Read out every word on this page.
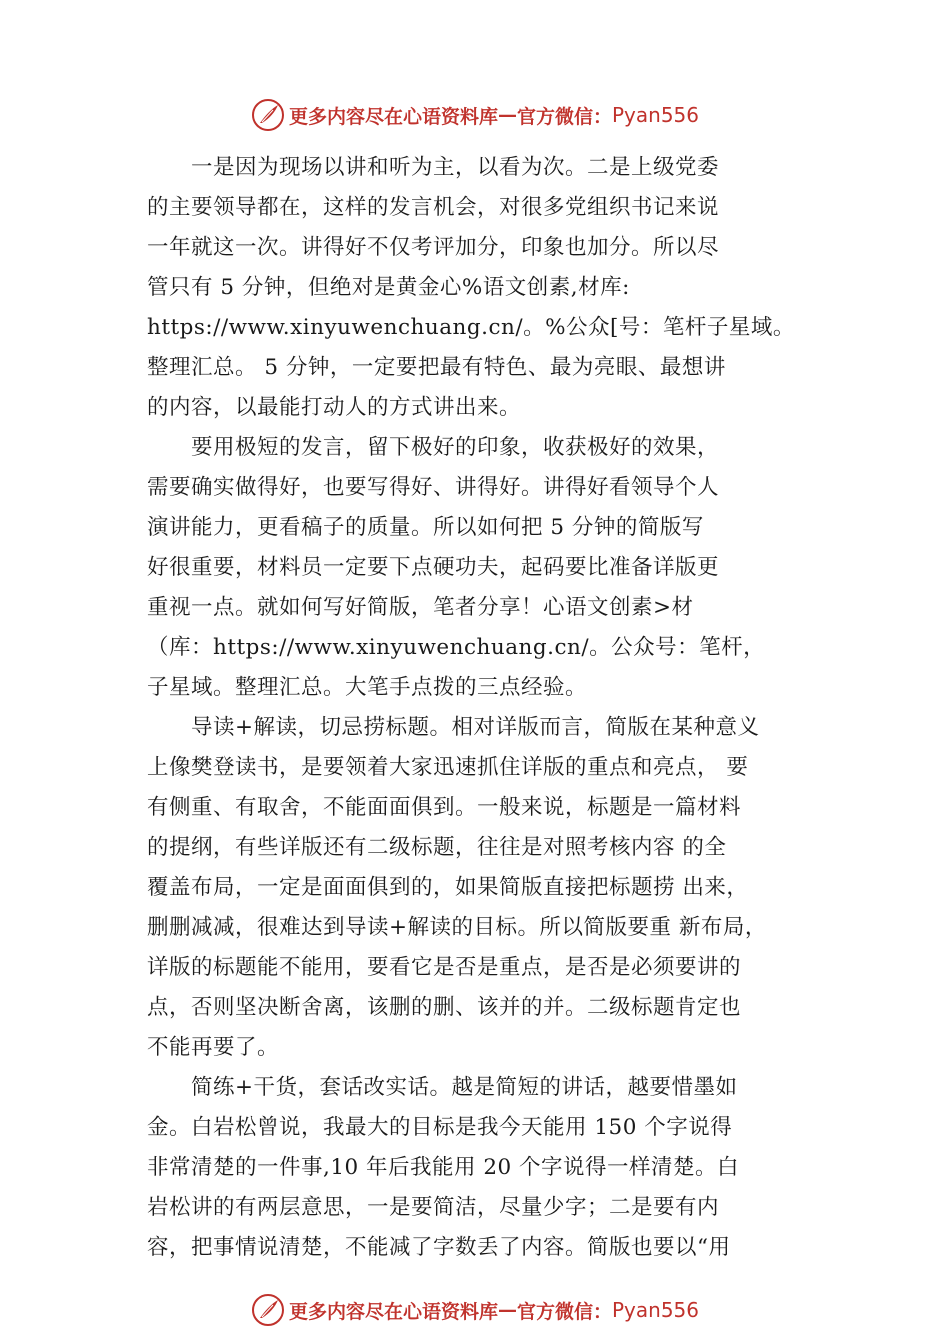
更多内容尽在心语资料库 — 官方微信： Pyan556
　　一是因为现场以讲和听为主，以看为次。二是上级党委
的主要领导都在，这样的发言机会，对很多党组织书记来说
一年就这一次。讲得好不仅考评加分，印象也加分。所以尽
管只有 5 分钟，但绝对是黄金心%语文创素,材库:
https://www.xinyuwenchuang.cn/。%公众[号：笔杆子星域。
整理汇总。 5 分钟，一定要把最有特色、最为亮眼、最想讲
的内容，以最能打动人的方式讲出来。
　　要用极短的发言，留下极好的印象，收获极好的效果，
需要确实做得好，也要写得好、讲得好。讲得好看领导个人
演讲能力，更看稿子的质量。所以如何把 5 分钟的简版写
好很重要，材料员一定要下点硬功夫，起码要比准备详版更
重视一点。就如何写好简版，笔者分享！心语文创素>材
（库：https://www.xinyuwenchuang.cn/。公众号：笔杆，
子星域。整理汇总。大笔手点拨的三点经验。
　　导读+解读，切忌捞标题。相对详版而言，简版在某种意义
上像樊登读书，是要领着大家迅速抓住详版的重点和亮点， 要
有侧重、有取舍，不能面面俱到。一般来说，标题是一篇材料
的提纲，有些详版还有二级标题，往往是对照考核内容 的全
覆盖布局，一定是面面俱到的，如果简版直接把标题捞 出来，
删删减减，很难达到导读+解读的目标。所以简版要重 新布局，
详版的标题能不能用，要看它是否是重点，是否是必须要讲的
点，否则坚决断舍离，该删的删、该并的并。二级标题肯定也
不能再要了。
　　简练+干货，套话改实话。越是简短的讲话，越要惜墨如
金。白岩松曾说，我最大的目标是我今天能用 150 个字说得
非常清楚的一件事,10 年后我能用 20 个字说得一样清楚。白
岩松讲的有两层意思，一是要简洁，尽量少字；二是要有内
容，把事情说清楚，不能减了字数丢了内容。简版也要以“用
更多内容尽在心语资料库 — 官方微信： Pyan556
